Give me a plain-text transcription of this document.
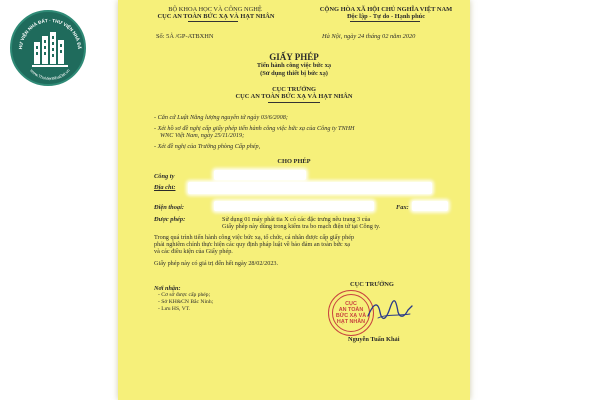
HƯ VIỆN NHÀ ĐẤT · THƯ VIỆN NHÀ ĐẤ
www.ThuVienNhaDat.vn
BỘ KHOA HỌC VÀ CÔNG NGHỆ
CỤC AN TOÀN BỨC XẠ VÀ HẠT NHÂN
CỘNG HÒA XÃ HỘI CHỦ NGHĨA VIỆT NAM
Độc lập - Tự do - Hạnh phúc
Số: 5Ả /GP-ATBXHN	Hà Nội, ngày 24 tháng 02 năm 2020
GIẤY PHÉP
Tiến hành công việc bức xạ
(Sử dụng thiết bị bức xạ)
CỤC TRƯỞNG
CỤC AN TOÀN BỨC XẠ VÀ HẠT NHÂN
- Căn cứ Luật Năng lượng nguyên tử ngày 03/6/2008;
- Xét hồ sơ đề nghị cấp giấy phép tiến hành công việc bức xạ của Công ty TNHH
WNC Việt Nam, ngày 25/11/2019;
- Xét đề nghị của Trưởng phòng Cấp phép,
CHO PHÉP
Công ty
Địa chỉ:
Điện thoại:	Fax:
Được phép:	Sử dụng 01 máy phát tia X có các đặc trưng nêu trang 3 của
Giấy phép này dùng trong kiểm tra bo mạch điện tử tại Công ty.
Trong quá trình tiến hành công việc bức xạ, tổ chức, cá nhân được cấp giấy phép
phải nghiêm chỉnh thực hiện các quy định pháp luật về bảo đảm an toàn bức xạ
và các điều kiện của Giấy phép.
Giấy phép này có giá trị đến hết ngày 28/02/2023.
Nơi nhận:
- Cơ sở được cấp phép;
- Sở KH&CN Bắc Ninh;
- Lưu HS, VT.
CỤC TRƯỞNG
CỤC
AN TOÀN
BỨC XẠ VÀ
HẠT NHÂN
Nguyễn Tuấn Khải
